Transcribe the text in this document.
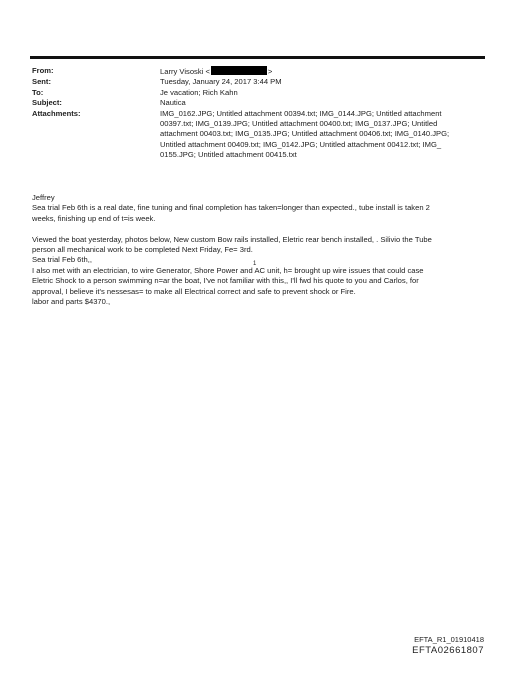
From:	Larry Visoski <	>
Sent:	Tuesday, January 24, 2017 3:44 PM
To:	Je vacation; Rich Kahn
Subject:	Nautica
Attachments:	IMG_0162.JPG; Untitled attachment 00394.txt; IMG_0144.JPG; Untitled attachment
00397.txt; IMG_0139.JPG; Untitled attachment 00400.txt; IMG_0137.JPG; Untitled
attachment 00403.txt; IMG_0135.JPG; Untitled attachment 00406.txt; IMG_0140.JPG;
Untitled attachment 00409.txt; IMG_0142.JPG; Untitled attachment 00412.txt; IMG_
0155.JPG; Untitled attachment 00415.txt

Jeffrey

Sea trial Feb 6th is a real date, fine tuning and final completion has taken=longer than expected., tube install is taken 2

weeks, finishing up end of t=is week.

Viewed the boat yesterday, photos below, New custom Bow rails installed, Eletric rear bench installed, . Silivio the Tube

person all mechanical work to be completed Next Friday, Fe= 3rd.

Sea trial Feb 6th,,

I also met with an electrician, to wire Generator, Shore Power and AC unit, h= brought up wire issues that could case

Eletric Shock to a person swimming n=ar the boat, I've not familiar with this,, I'll fwd his quote to you and Carlos, for

approval, I believe it's nessesas= to make all Electrical correct and safe to prevent shock or Fire.

labor and parts $4370.,

1
EFTA_R1_01910418
EFTA02661807
